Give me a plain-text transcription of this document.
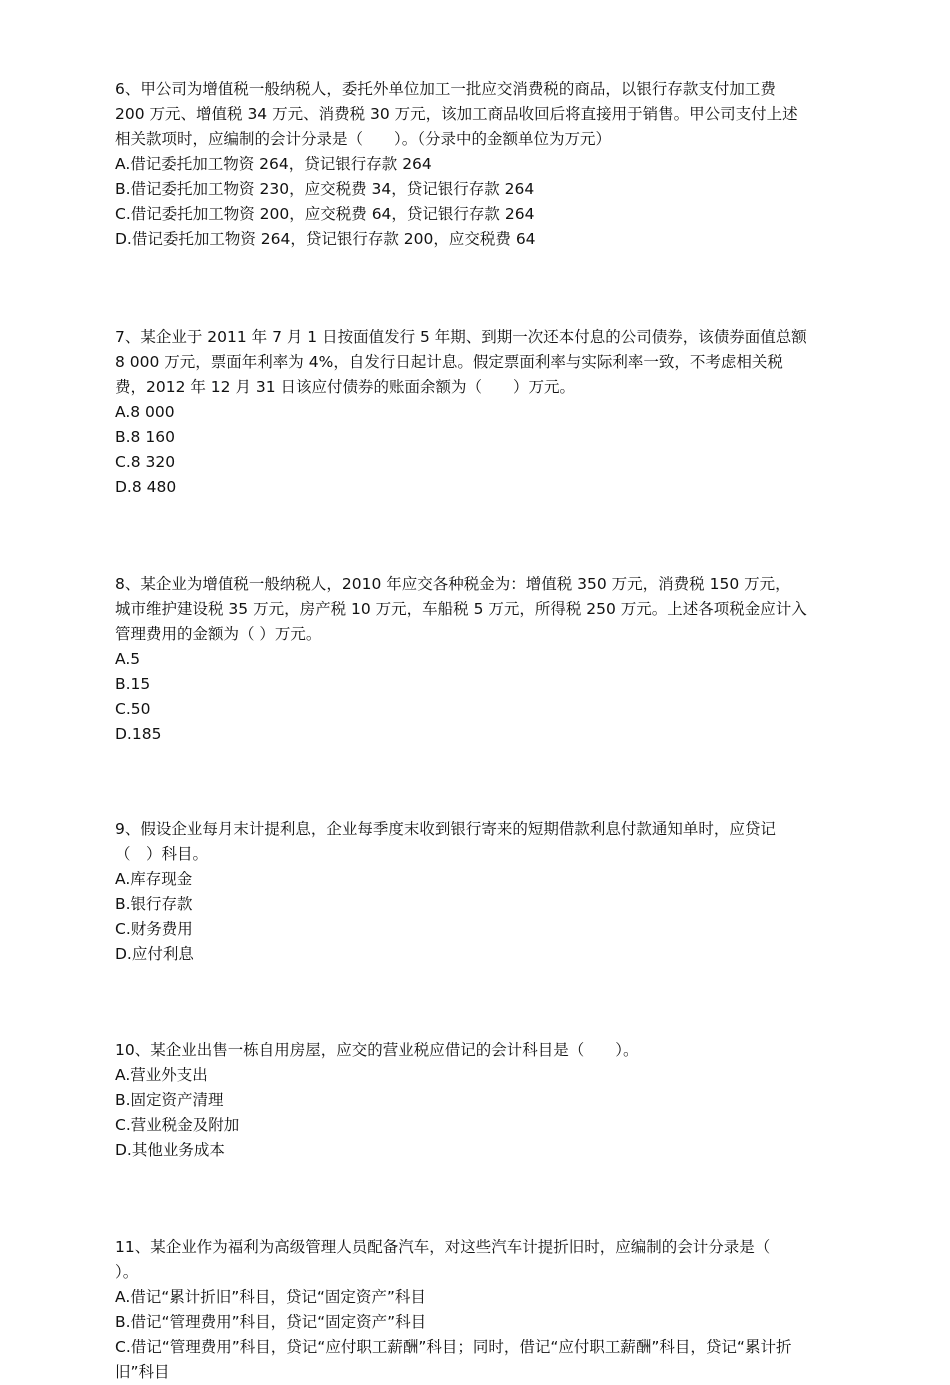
6、甲公司为增值税一般纳税人，委托外单位加工一批应交消费税的商品，以银行存款支付加工费
200 万元、增值税 34 万元、消费税 30 万元，该加工商品收回后将直接用于销售。甲公司支付上述
相关款项时，应编制的会计分录是（　　）。（分录中的金额单位为万元）
A.借记委托加工物资 264，贷记银行存款 264
B.借记委托加工物资 230，应交税费 34，贷记银行存款 264
C.借记委托加工物资 200，应交税费 64，贷记银行存款 264
D.借记委托加工物资 264，贷记银行存款 200，应交税费 64
7、某企业于 2011 年 7 月 1 日按面值发行 5 年期、到期一次还本付息的公司债券，该债券面值总额
8 000 万元，票面年利率为 4%，自发行日起计息。假定票面利率与实际利率一致，不考虑相关税
费，2012 年 12 月 31 日该应付债券的账面余额为（　　）万元。
A.8 000
B.8 160
C.8 320
D.8 480
8、某企业为增值税一般纳税人，2010 年应交各种税金为：增值税 350 万元，消费税 150 万元，
城市维护建设税 35 万元，房产税 10 万元，车船税 5 万元，所得税 250 万元。上述各项税金应计入
管理费用的金额为（ ）万元。
A.5
B.15
C.50
D.185
9、假设企业每月末计提利息，企业每季度末收到银行寄来的短期借款利息付款通知单时，应贷记
（　）科目。
A.库存现金
B.银行存款
C.财务费用
D.应付利息
10、某企业出售一栋自用房屋，应交的营业税应借记的会计科目是（　　）。
A.营业外支出
B.固定资产清理
C.营业税金及附加
D.其他业务成本
11、某企业作为福利为高级管理人员配备汽车，对这些汽车计提折旧时，应编制的会计分录是（
）。
A.借记“累计折旧”科目，贷记“固定资产”科目
B.借记“管理费用”科目，贷记“固定资产”科目
C.借记“管理费用”科目，贷记“应付职工薪酬”科目；同时，借记“应付职工薪酬”科目，贷记“累计折
旧”科目
